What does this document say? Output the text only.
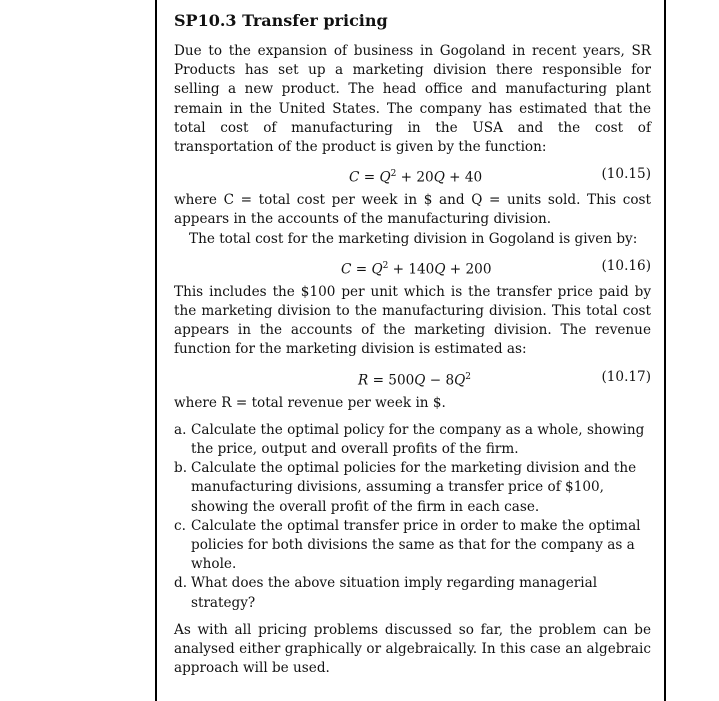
SP10.3 Transfer pricing

Due to the expansion of business in Gogoland in recent years, SR Products has set up a marketing division there responsible for selling a new product. The head office and manufacturing plant remain in the United States. The company has estimated that the total cost of manufacturing in the USA and the cost of transportation of the product is given by the function:

$C = Q^2 + 20Q + 40$	(10.15)

where C = total cost per week in $ and Q = units sold. This cost appears in the accounts of the manufacturing division.

The total cost for the marketing division in Gogoland is given by:

$C = Q^2 + 140Q + 200$	(10.16)

This includes the $100 per unit which is the transfer price paid by the marketing division to the manufacturing division. This total cost appears in the accounts of the marketing division. The revenue function for the marketing division is estimated as:

$R = 500Q - 8Q^2$	(10.17)

where R = total revenue per week in $.

a. Calculate the optimal policy for the company as a whole, showing the price, output and overall profits of the firm.
b. Calculate the optimal policies for the marketing division and the manufacturing divisions, assuming a transfer price of $100, showing the overall profit of the firm in each case.
c. Calculate the optimal transfer price in order to make the optimal policies for both divisions the same as that for the company as a whole.
d. What does the above situation imply regarding managerial strategy?

As with all pricing problems discussed so far, the problem can be analysed either graphically or algebraically. In this case an algebraic approach will be used.
